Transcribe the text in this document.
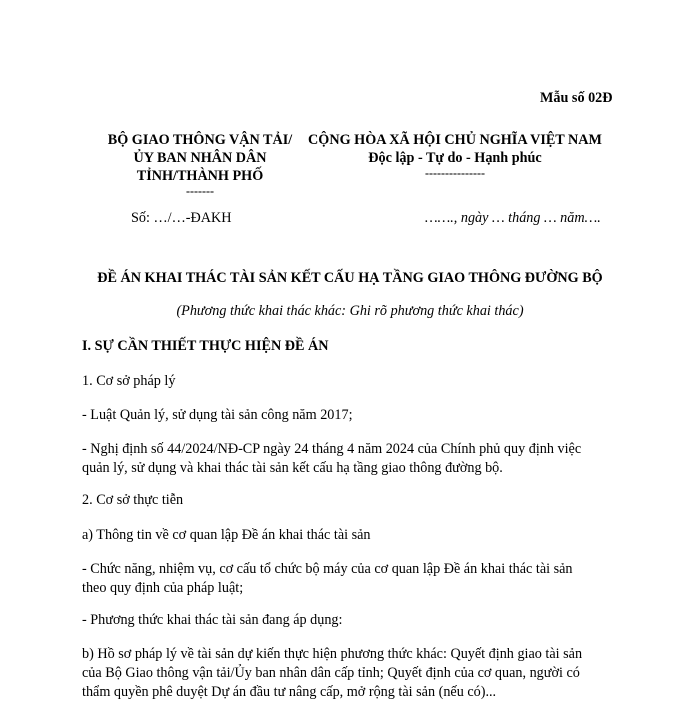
Mẫu số 02Đ
BỘ GIAO THÔNG VẬN TẢI/
ỦY BAN NHÂN DÂN
TỈNH/THÀNH PHỐ
-------
Số: …/…-ĐAKH
CỘNG HÒA XÃ HỘI CHỦ NGHĨA VIỆT NAM
Độc lập - Tự do - Hạnh phúc
---------------
……., ngày … tháng … năm….
ĐỀ ÁN KHAI THÁC TÀI SẢN KẾT CẤU HẠ TẦNG GIAO THÔNG ĐƯỜNG BỘ
(Phương thức khai thác khác: Ghi rõ phương thức khai thác)
I. SỰ CẦN THIẾT THỰC HIỆN ĐỀ ÁN
1. Cơ sở pháp lý
- Luật Quản lý, sử dụng tài sản công năm 2017;
- Nghị định số 44/2024/NĐ-CP ngày 24 tháng 4 năm 2024 của Chính phủ quy định việc
quản lý, sử dụng và khai thác tài sản kết cấu hạ tầng giao thông đường bộ.
2. Cơ sở thực tiễn
a) Thông tin về cơ quan lập Đề án khai thác tài sản
- Chức năng, nhiệm vụ, cơ cấu tổ chức bộ máy của cơ quan lập Đề án khai thác tài sản
theo quy định của pháp luật;
- Phương thức khai thác tài sản đang áp dụng:
b) Hồ sơ pháp lý về tài sản dự kiến thực hiện phương thức khác: Quyết định giao tài sản
của Bộ Giao thông vận tải/Ủy ban nhân dân cấp tỉnh; Quyết định của cơ quan, người có
thẩm quyền phê duyệt Dự án đầu tư nâng cấp, mở rộng tài sản (nếu có)...
